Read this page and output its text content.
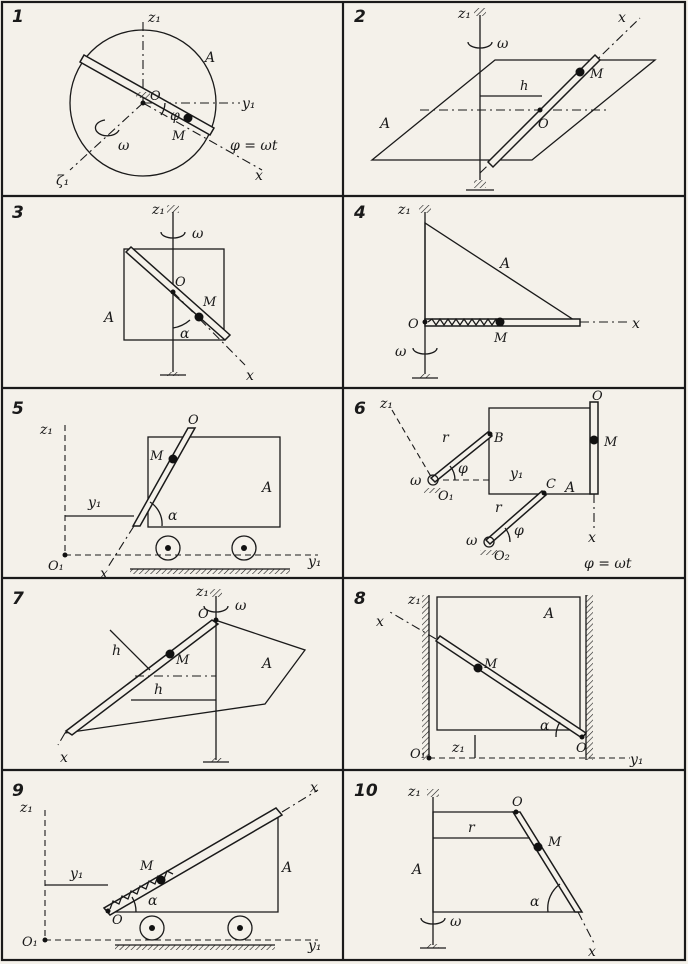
1	z₁
y₁
x
ζ₁
A
O
M
φ
ω	φ = ωt
2	z₁	x
ω
M
h
O
A
3	z₁
ω
O
M
A
α
x
4 z₁
A
O
M
x
ω
5
z₁
O
M
A
y₁
α
O₁	x
y₁
6 z₁
r	B
φ
ω
O₁
y₁
C
r
φ
ω
O₂
A
O
M
x
φ = ωt
7	z₁
ω
O
M
h
h
A
x
8	z₁
A
x
M
α
O
z₁
O₁	y₁
9
z₁
x
y₁	M
O
α
A
O₁	y₁
10 z₁
O
r
M
A
α
ω
x
